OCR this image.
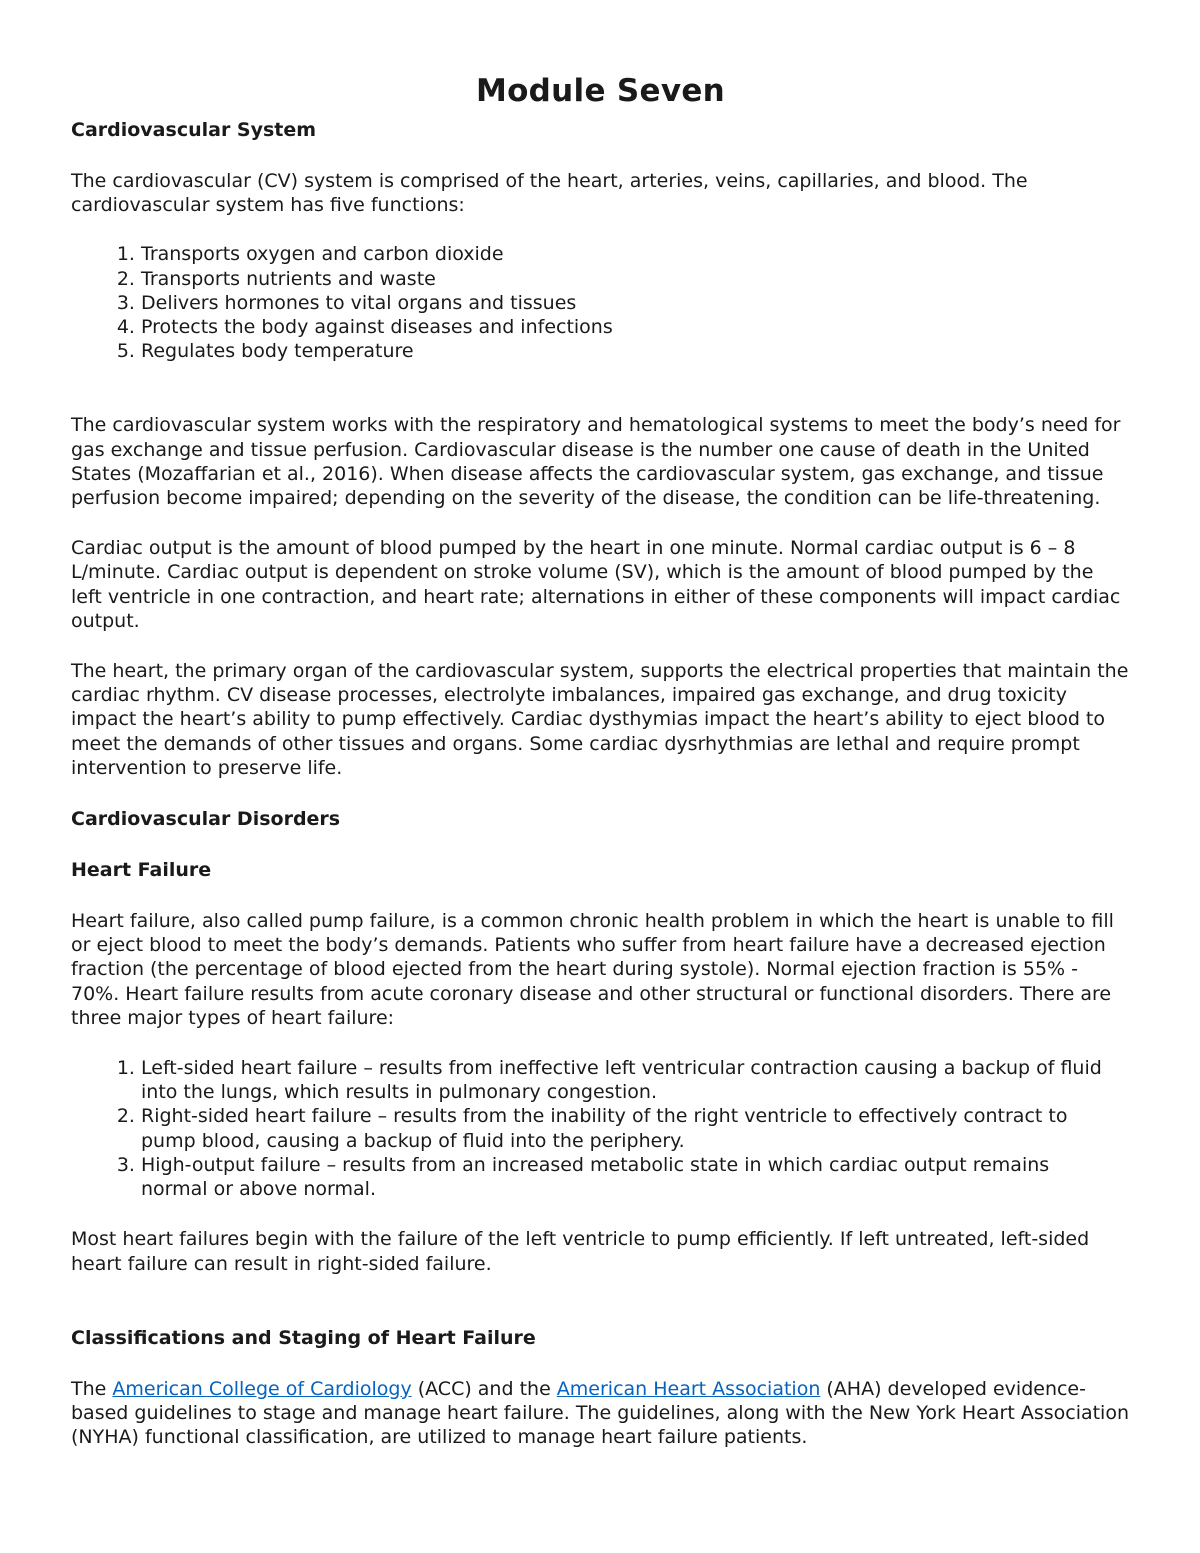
Module Seven
Cardiovascular System

The cardiovascular (CV) system is comprised of the heart, arteries, veins, capillaries, and blood. The cardiovascular system has five functions:

1. Transports oxygen and carbon dioxide
2. Transports nutrients and waste
3. Delivers hormones to vital organs and tissues
4. Protects the body against diseases and infections
5. Regulates body temperature

The cardiovascular system works with the respiratory and hematological systems to meet the body’s need for gas exchange and tissue perfusion. Cardiovascular disease is the number one cause of death in the United States (Mozaffarian et al., 2016). When disease affects the cardiovascular system, gas exchange, and tissue perfusion become impaired; depending on the severity of the disease, the condition can be life-threatening.

Cardiac output is the amount of blood pumped by the heart in one minute. Normal cardiac output is 6 – 8 L/minute. Cardiac output is dependent on stroke volume (SV), which is the amount of blood pumped by the left ventricle in one contraction, and heart rate; alternations in either of these components will impact cardiac output.

The heart, the primary organ of the cardiovascular system, supports the electrical properties that maintain the cardiac rhythm. CV disease processes, electrolyte imbalances, impaired gas exchange, and drug toxicity impact the heart’s ability to pump effectively. Cardiac dysthymias impact the heart’s ability to eject blood to meet the demands of other tissues and organs. Some cardiac dysrhythmias are lethal and require prompt intervention to preserve life.

Cardiovascular Disorders
Heart Failure

Heart failure, also called pump failure, is a common chronic health problem in which the heart is unable to fill or eject blood to meet the body’s demands. Patients who suffer from heart failure have a decreased ejection fraction (the percentage of blood ejected from the heart during systole). Normal ejection fraction is 55% - 70%. Heart failure results from acute coronary disease and other structural or functional disorders. There are three major types of heart failure:

1. Left-sided heart failure – results from ineffective left ventricular contraction causing a backup of fluid into the lungs, which results in pulmonary congestion.
2. Right-sided heart failure – results from the inability of the right ventricle to effectively contract to pump blood, causing a backup of fluid into the periphery.
3. High-output failure – results from an increased metabolic state in which cardiac output remains normal or above normal.

Most heart failures begin with the failure of the left ventricle to pump efficiently. If left untreated, left-sided heart failure can result in right-sided failure.

Classifications and Staging of Heart Failure

The American College of Cardiology (ACC) and the American Heart Association (AHA) developed evidence-based guidelines to stage and manage heart failure. The guidelines, along with the New York Heart Association (NYHA) functional classification, are utilized to manage heart failure patients.
